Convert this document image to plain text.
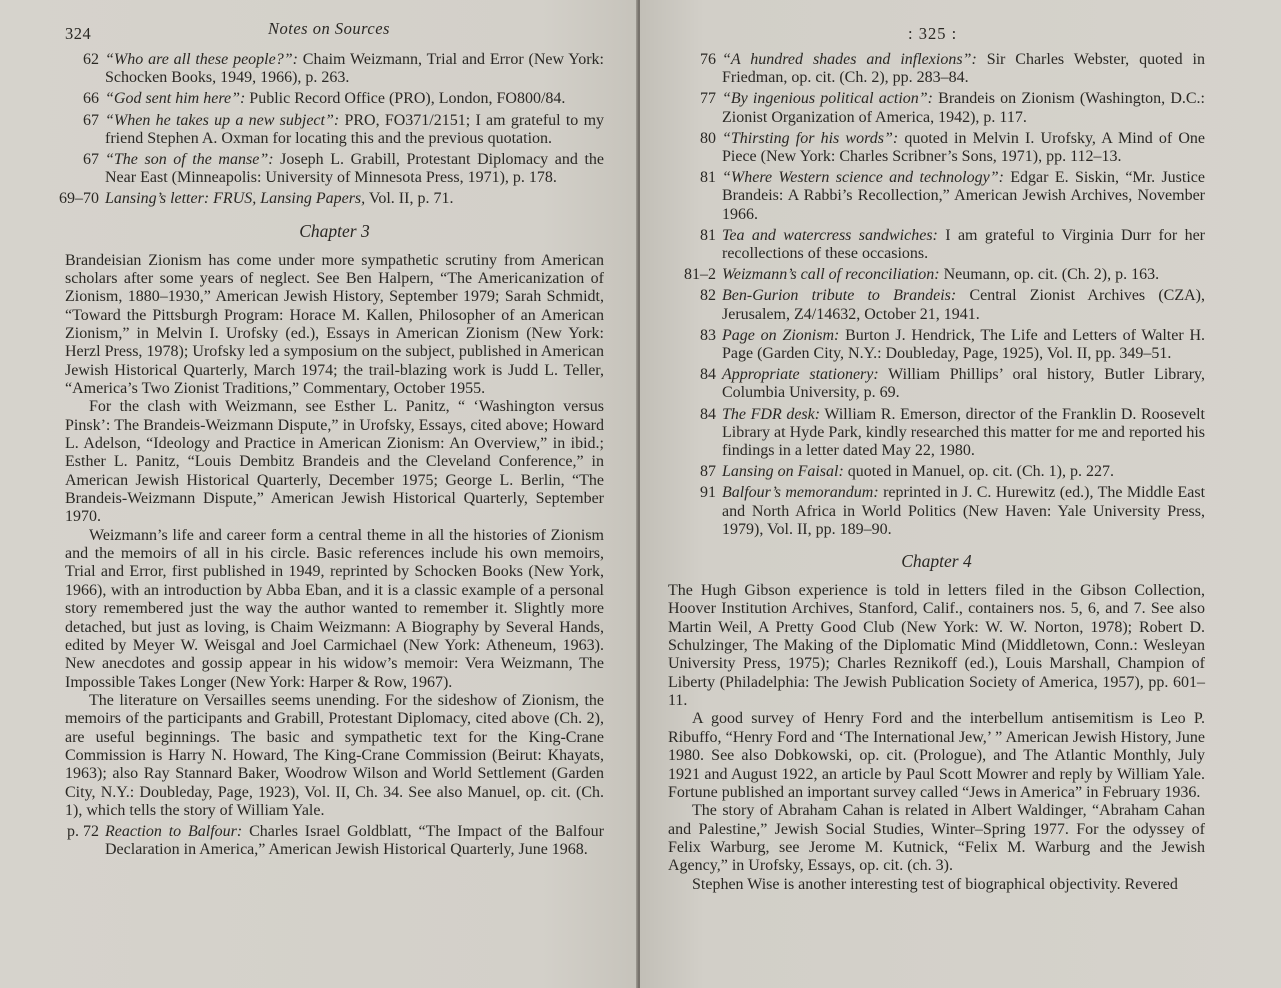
324	Notes on Sources
62 “Who are all these people?”: Chaim Weizmann, Trial and Error (New York: Schocken Books, 1949, 1966), p. 263.
66 “God sent him here”: Public Record Office (PRO), London, FO800/84.
67 “When he takes up a new subject”: PRO, FO371/2151; I am grateful to my friend Stephen A. Oxman for locating this and the previous quotation.
67 “The son of the manse”: Joseph L. Grabill, Protestant Diplomacy and the Near East (Minneapolis: University of Minnesota Press, 1971), p. 178.
69–70 Lansing’s letter: FRUS, Lansing Papers, Vol. II, p. 71.
Chapter 3

Brandeisian Zionism has come under more sympathetic scrutiny from American scholars after some years of neglect. See Ben Halpern, “The Americanization of Zionism, 1880–1930,” American Jewish History, September 1979; Sarah Schmidt, “Toward the Pittsburgh Program: Horace M. Kallen, Philosopher of an American Zionism,” in Melvin I. Urofsky (ed.), Essays in American Zionism (New York: Herzl Press, 1978); Urofsky led a symposium on the subject, published in American Jewish Historical Quarterly, March 1974; the trail-blazing work is Judd L. Teller, “America’s Two Zionist Traditions,” Commentary, October 1955.

For the clash with Weizmann, see Esther L. Panitz, “ ‘Washington versus Pinsk’: The Brandeis-Weizmann Dispute,” in Urofsky, Essays, cited above; Howard L. Adelson, “Ideology and Practice in American Zionism: An Overview,” in ibid.; Esther L. Panitz, “Louis Dembitz Brandeis and the Cleveland Conference,” in American Jewish Historical Quarterly, December 1975; George L. Berlin, “The Brandeis-Weizmann Dispute,” American Jewish Historical Quarterly, September 1970.

Weizmann’s life and career form a central theme in all the histories of Zionism and the memoirs of all in his circle. Basic references include his own memoirs, Trial and Error, first published in 1949, reprinted by Schocken Books (New York, 1966), with an introduction by Abba Eban, and it is a classic example of a personal story remembered just the way the author wanted to remember it. Slightly more detached, but just as loving, is Chaim Weizmann: A Biography by Several Hands, edited by Meyer W. Weisgal and Joel Carmichael (New York: Atheneum, 1963). New anecdotes and gossip appear in his widow’s memoir: Vera Weizmann, The Impossible Takes Longer (New York: Harper & Row, 1967).

The literature on Versailles seems unending. For the sideshow of Zionism, the memoirs of the participants and Grabill, Protestant Diplomacy, cited above (Ch. 2), are useful beginnings. The basic and sympathetic text for the King-Crane Commission is Harry N. Howard, The King-Crane Commission (Beirut: Khayats, 1963); also Ray Stannard Baker, Woodrow Wilson and World Settlement (Garden City, N.Y.: Doubleday, Page, 1923), Vol. II, Ch. 34. See also Manuel, op. cit. (Ch. 1), which tells the story of William Yale.

p. 72 Reaction to Balfour: Charles Israel Goldblatt, “The Impact of the Balfour Declaration in America,” American Jewish Historical Quarterly, June 1968.
: 325 :
76 “A hundred shades and inflexions”: Sir Charles Webster, quoted in Friedman, op. cit. (Ch. 2), pp. 283–84.
77 “By ingenious political action”: Brandeis on Zionism (Washington, D.C.: Zionist Organization of America, 1942), p. 117.
80 “Thirsting for his words”: quoted in Melvin I. Urofsky, A Mind of One Piece (New York: Charles Scribner’s Sons, 1971), pp. 112–13.
81 “Where Western science and technology”: Edgar E. Siskin, “Mr. Justice Brandeis: A Rabbi’s Recollection,” American Jewish Archives, November 1966.
81 Tea and watercress sandwiches: I am grateful to Virginia Durr for her recollections of these occasions.
81–2 Weizmann’s call of reconciliation: Neumann, op. cit. (Ch. 2), p. 163.
82 Ben-Gurion tribute to Brandeis: Central Zionist Archives (CZA), Jerusalem, Z4/14632, October 21, 1941.
83 Page on Zionism: Burton J. Hendrick, The Life and Letters of Walter H. Page (Garden City, N.Y.: Doubleday, Page, 1925), Vol. II, pp. 349–51.
84 Appropriate stationery: William Phillips’ oral history, Butler Library, Columbia University, p. 69.
84 The FDR desk: William R. Emerson, director of the Franklin D. Roosevelt Library at Hyde Park, kindly researched this matter for me and reported his findings in a letter dated May 22, 1980.
87 Lansing on Faisal: quoted in Manuel, op. cit. (Ch. 1), p. 227.
91 Balfour’s memorandum: reprinted in J. C. Hurewitz (ed.), The Middle East and North Africa in World Politics (New Haven: Yale University Press, 1979), Vol. II, pp. 189–90.
Chapter 4

The Hugh Gibson experience is told in letters filed in the Gibson Collection, Hoover Institution Archives, Stanford, Calif., containers nos. 5, 6, and 7. See also Martin Weil, A Pretty Good Club (New York: W. W. Norton, 1978); Robert D. Schulzinger, The Making of the Diplomatic Mind (Middletown, Conn.: Wesleyan University Press, 1975); Charles Reznikoff (ed.), Louis Marshall, Champion of Liberty (Philadelphia: The Jewish Publication Society of America, 1957), pp. 601–11.

A good survey of Henry Ford and the interbellum antisemitism is Leo P. Ribuffo, “Henry Ford and ‘The International Jew,’ ” American Jewish History, June 1980. See also Dobkowski, op. cit. (Prologue), and The Atlantic Monthly, July 1921 and August 1922, an article by Paul Scott Mowrer and reply by William Yale. Fortune published an important survey called “Jews in America” in February 1936.

The story of Abraham Cahan is related in Albert Waldinger, “Abraham Cahan and Palestine,” Jewish Social Studies, Winter–Spring 1977. For the odyssey of Felix Warburg, see Jerome M. Kutnick, “Felix M. Warburg and the Jewish Agency,” in Urofsky, Essays, op. cit. (ch. 3).

Stephen Wise is another interesting test of biographical objectivity. Revered
